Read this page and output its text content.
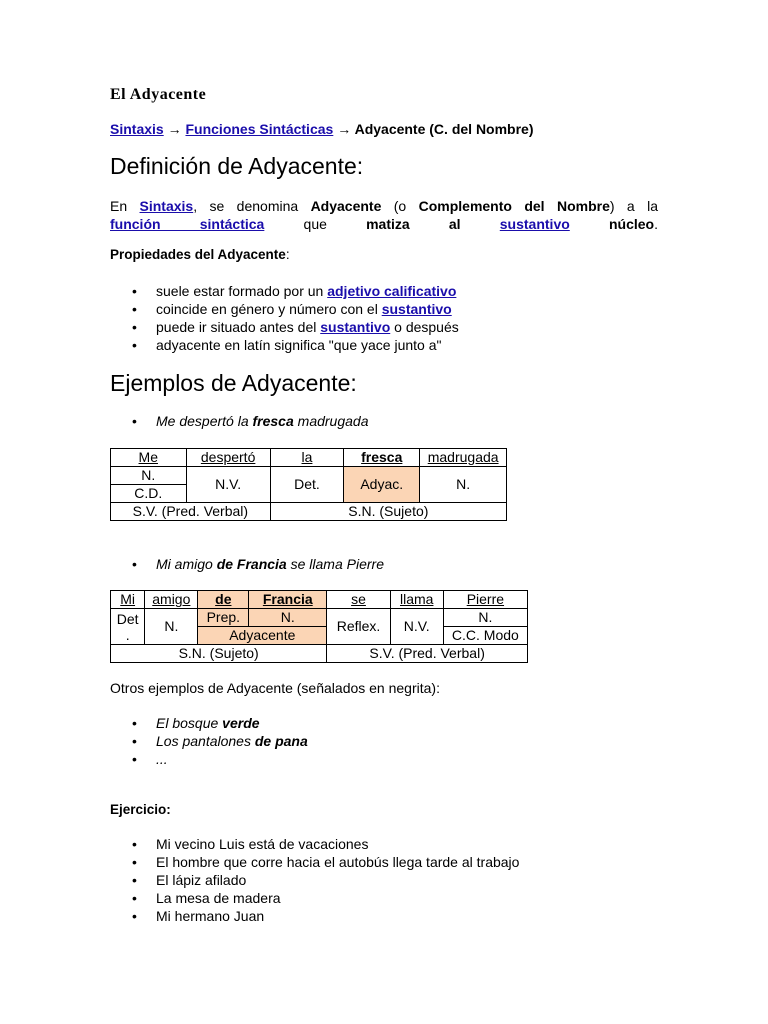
El Adyacente
Sintaxis → Funciones Sintácticas → Adyacente (C. del Nombre)
Definición de Adyacente:
En Sintaxis, se denomina Adyacente (o Complemento del Nombre) a la
función sintáctica que matiza al	sustantivo núcleo.
Propiedades del Adyacente:
• suele estar formado por un adjetivo calificativo
• coincide en género y número con el sustantivo
• puede ir situado antes del sustantivo o después
• adyacente en latín significa "que yace junto a"
Ejemplos de Adyacente:
• Me despertó la fresca madrugada
Me	despertó	la	fresca	madrugada
N.	N.V.	Det.	Adyac.	N.
C.D.				
S.V. (Pred. Verbal)		S.N. (Sujeto)		
• Mi amigo de Francia se llama Pierre
Mi	amigo	de	Francia	se	llama	Pierre
Det
.	N.	Prep.	N.	Reflex.	N.V.	N.
		Adyacente				C.C. Modo
S.N. (Sujeto)				S.V. (Pred. Verbal)		
Otros ejemplos de Adyacente (señalados en negrita):
• El bosque verde
• Los pantalones de pana
• ...
Ejercicio:
• Mi vecino Luis está de vacaciones
• El hombre que corre hacia el autobús llega tarde al trabajo
• El lápiz afilado
• La mesa de madera
• Mi hermano Juan
